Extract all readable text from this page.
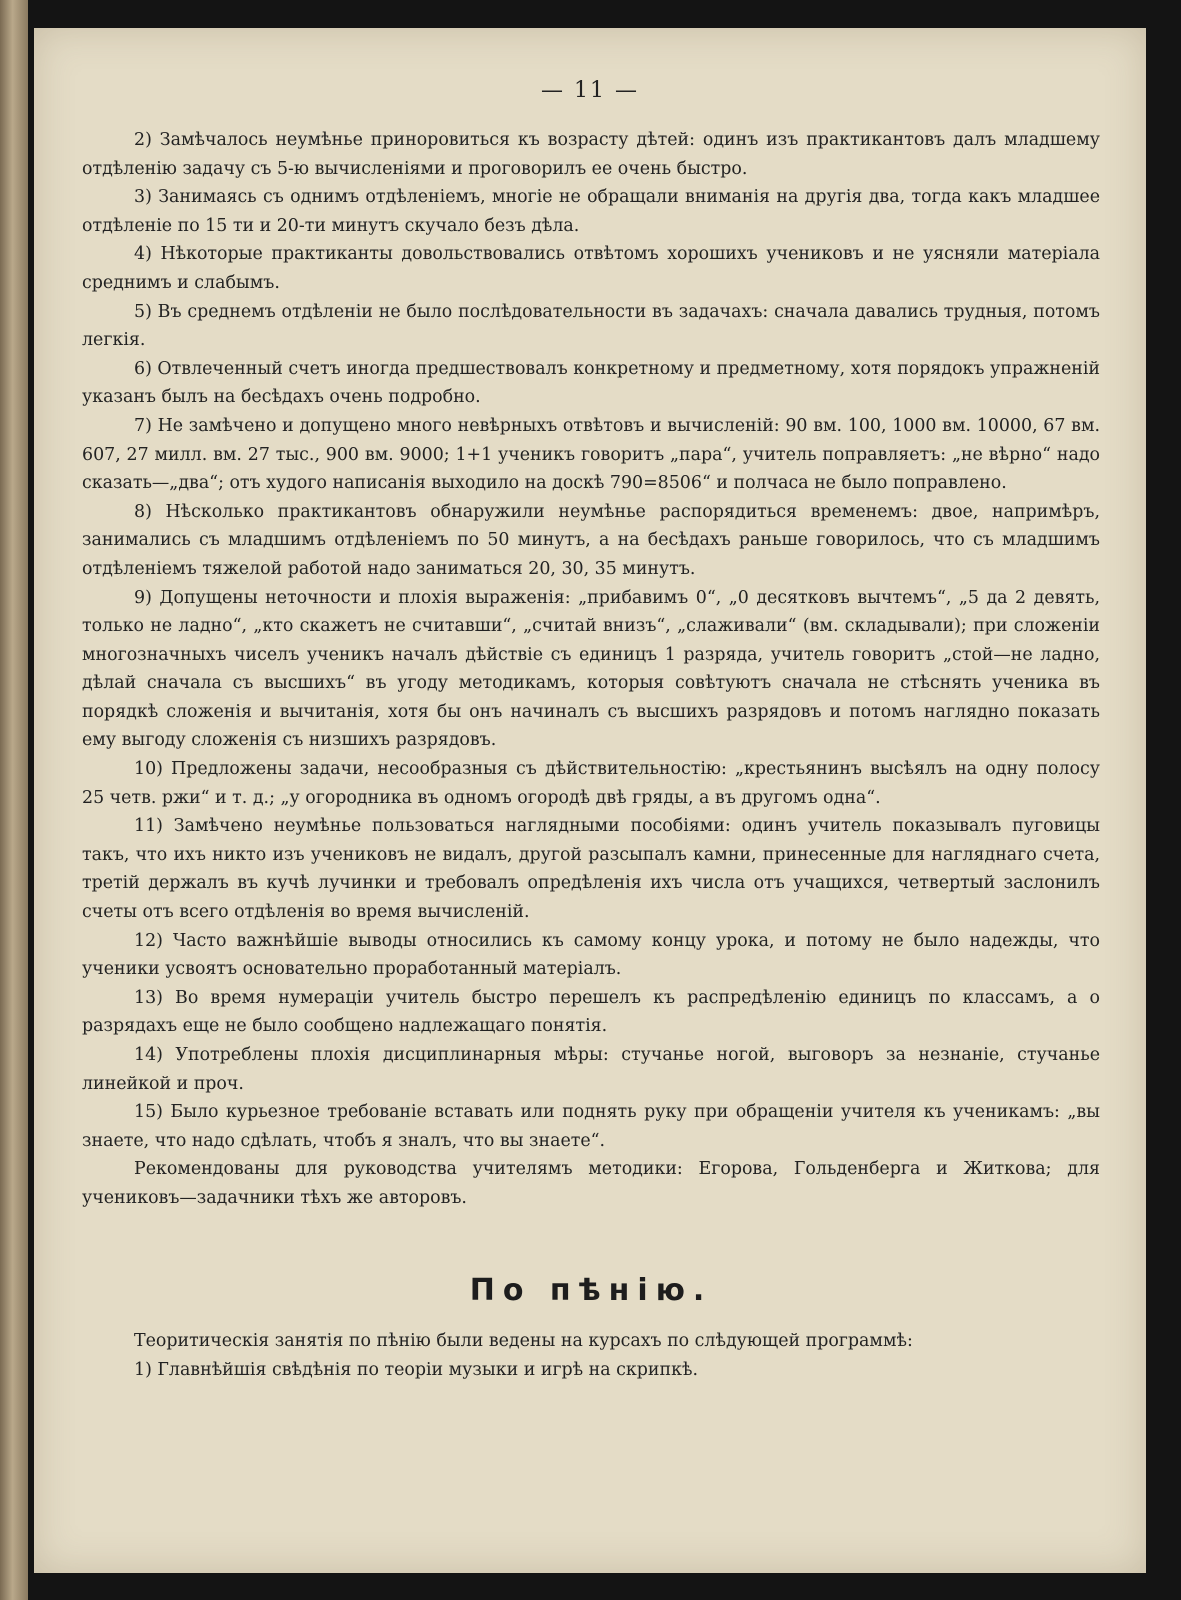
— 11 —

2) Замѣчалось неумѣнье приноровиться къ возрасту дѣтей: одинъ изъ практикантовъ далъ младшему отдѣленію задачу съ 5-ю вычисленіями и проговорилъ ее очень быстро.

3) Занимаясь съ однимъ отдѣленіемъ, многіе не обращали вниманія на другія два, тогда какъ младшее отдѣленіе по 15 ти и 20-ти минутъ скучало безъ дѣла.

4) Нѣкоторые практиканты довольствовались отвѣтомъ хорошихъ учениковъ и не уясняли матеріала среднимъ и слабымъ.

5) Въ среднемъ отдѣленіи не было послѣдовательности въ задачахъ: сначала давались трудныя, потомъ легкія.

6) Отвлеченный счетъ иногда предшествовалъ конкретному и предметному, хотя порядокъ упражненій указанъ былъ на бесѣдахъ очень подробно.

7) Не замѣчено и допущено много невѣрныхъ отвѣтовъ и вычисленій: 90 вм. 100, 1000 вм. 10000, 67 вм. 607, 27 милл. вм. 27 тыс., 900 вм. 9000; 1+1 ученикъ говоритъ „пара“, учитель поправляетъ: „не вѣрно“ надо сказать—„два“; отъ худого написанія выходило на доскѣ 790=8506“ и полчаса не было поправлено.

8) Нѣсколько практикантовъ обнаружили неумѣнье распорядиться временемъ: двое, напримѣръ, занимались съ младшимъ отдѣленіемъ по 50 минутъ, а на бесѣдахъ раньше говорилось, что съ младшимъ отдѣленіемъ тяжелой работой надо заниматься 20, 30, 35 минутъ.

9) Допущены неточности и плохія выраженія: „прибавимъ 0“, „0 десятковъ вычтемъ“, „5 да 2 девять, только не ладно“, „кто скажетъ не считавши“, „считай внизъ“, „слаживали“ (вм. складывали); при сложеніи многозначныхъ чиселъ ученикъ началъ дѣйствіе съ единицъ 1 разряда, учитель говоритъ „стой—не ладно, дѣлай сначала съ высшихъ“ въ угоду методикамъ, которыя совѣтуютъ сначала не стѣснять ученика въ порядкѣ сложенія и вычитанія, хотя бы онъ начиналъ съ высшихъ разрядовъ и потомъ наглядно показать ему выгоду сложенія съ низшихъ разрядовъ.

10) Предложены задачи, несообразныя съ дѣйствительностію: „крестьянинъ высѣялъ на одну полосу 25 четв. ржи“ и т. д.; „у огородника въ одномъ огородѣ двѣ гряды, а въ другомъ одна“.

11) Замѣчено неумѣнье пользоваться наглядными пособіями: одинъ учитель показывалъ пуговицы такъ, что ихъ никто изъ учениковъ не видалъ, другой разсыпалъ камни, принесенные для нагляднаго счета, третій держалъ въ кучѣ лучинки и требовалъ опредѣленія ихъ числа отъ учащихся, четвертый заслонилъ счеты отъ всего отдѣленія во время вычисленій.

12) Часто важнѣйшіе выводы относились къ самому концу урока, и потому не было надежды, что ученики усвоятъ основательно проработанный матеріалъ.

13) Во время нумераціи учитель быстро перешелъ къ распредѣленію единицъ по классамъ, а о разрядахъ еще не было сообщено надлежащаго понятія.

14) Употреблены плохія дисциплинарныя мѣры: стучанье ногой, выговоръ за незнаніе, стучанье линейкой и проч.

15) Было курьезное требованіе вставать или поднять руку при обращеніи учителя къ ученикамъ: „вы знаете, что надо сдѣлать, чтобъ я зналъ, что вы знаете“.

Рекомендованы для руководства учителямъ методики: Егорова, Гольденберга и Житкова; для учениковъ—задачники тѣхъ же авторовъ.

По пѣнію.

Теоритическія занятія по пѣнію были ведены на курсахъ по слѣдующей программѣ:

1) Главнѣйшія свѣдѣнія по теоріи музыки и игрѣ на скрипкѣ.
